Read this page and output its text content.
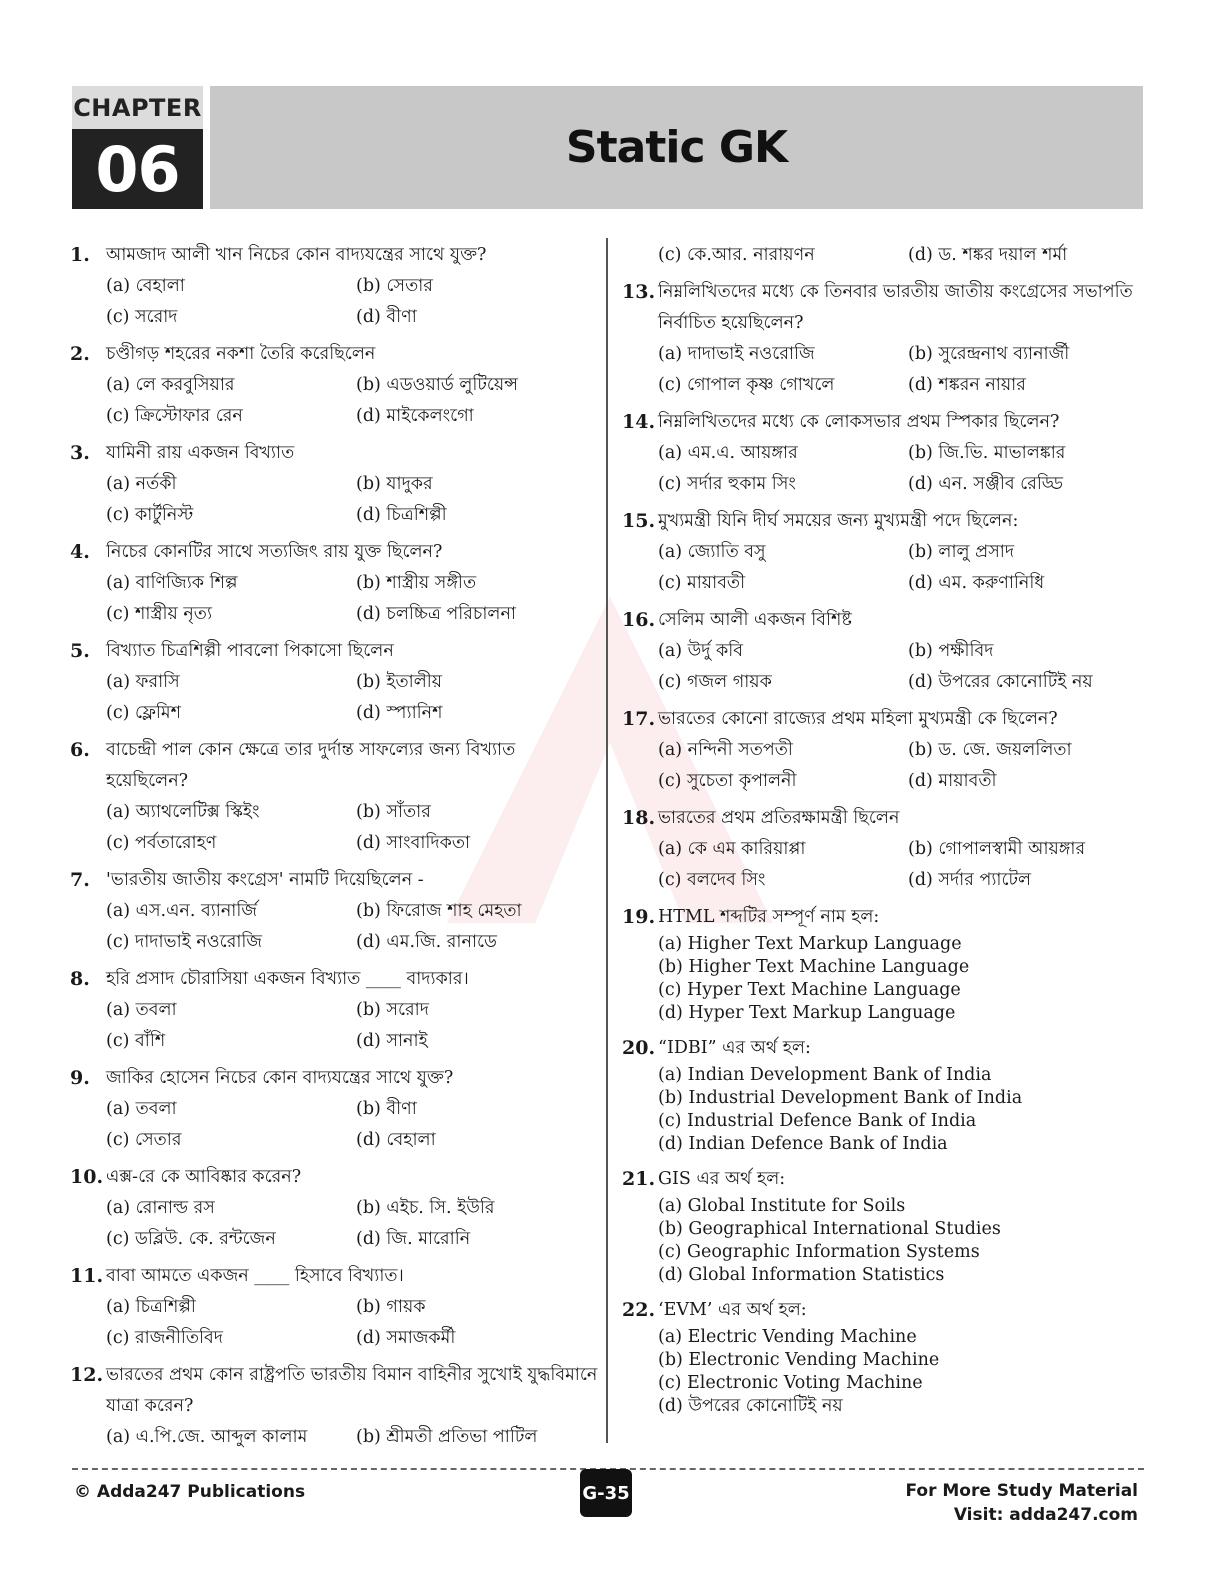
CHAPTER
06	Static GK
1. আমজাদ আলী খান নিচের কোন বাদ্যযন্ত্রের সাথে যুক্ত?
(a) বেহালা	(b) সেতার
(c) সরোদ	(d) বীণা
2. চণ্ডীগড় শহরের নকশা তৈরি করেছিলেন
(a) লে করবুসিয়ার	(b) এডওয়ার্ড লুটিয়েন্স
(c) ক্রিস্টোফার রেন	(d) মাইকেলংগো
3. যামিনী রায় একজন বিখ্যাত
(a) নর্তকী	(b) যাদুকর
(c) কার্টুনিস্ট	(d) চিত্রশিল্পী
4. নিচের কোনটির সাথে সত্যজিৎ রায় যুক্ত ছিলেন?
(a) বাণিজ্যিক শিল্প	(b) শাস্ত্রীয় সঙ্গীত
(c) শাস্ত্রীয় নৃত্য	(d) চলচ্চিত্র পরিচালনা
5. বিখ্যাত চিত্রশিল্পী পাবলো পিকাসো ছিলেন
(a) ফরাসি	(b) ইতালীয়
(c) ফ্লেমিশ	(d) স্প্যানিশ
6. বাচেন্দ্রী পাল কোন ক্ষেত্রে তার দুর্দান্ত সাফল্যের জন্য বিখ্যাত হয়েছিলেন?
(a) অ্যাথলেটিক্স স্কিইং	(b) সাঁতার
(c) পর্বতারোহণ	(d) সাংবাদিকতা
7. 'ভারতীয় জাতীয় কংগ্রেস' নামটি দিয়েছিলেন -
(a) এস.এন. ব্যানার্জি	(b) ফিরোজ শাহ মেহতা
(c) দাদাভাই নওরোজি	(d) এম.জি. রানাডে
8. হরি প্রসাদ চৌরাসিয়া একজন বিখ্যাত ____ বাদ্যকার।
(a) তবলা	(b) সরোদ
(c) বাঁশি	(d) সানাই
9. জাকির হোসেন নিচের কোন বাদ্যযন্ত্রের সাথে যুক্ত?
(a) তবলা	(b) বীণা
(c) সেতার	(d) বেহালা
10. এক্স-রে কে আবিষ্কার করেন?
(a) রোনাল্ড রস	(b) এইচ. সি. ইউরি
(c) ডব্লিউ. কে. রন্টজেন	(d) জি. মারোনি
11. বাবা আমতে একজন ____ হিসাবে বিখ্যাত।
(a) চিত্রশিল্পী	(b) গায়ক
(c) রাজনীতিবিদ	(d) সমাজকর্মী
12. ভারতের প্রথম কোন রাষ্ট্রপতি ভারতীয় বিমান বাহিনীর সুখোই যুদ্ধবিমানে যাত্রা করেন?
(a) এ.পি.জে. আব্দুল কালাম	(b) শ্রীমতী প্রতিভা পাটিল
(c) কে.আর. নারায়ণন	(d) ড. শঙ্কর দয়াল শর্মা
13. নিম্নলিখিতদের মধ্যে কে তিনবার ভারতীয় জাতীয় কংগ্রেসের সভাপতি নির্বাচিত হয়েছিলেন?
(a) দাদাভাই নওরোজি	(b) সুরেন্দ্রনাথ ব্যানার্জী
(c) গোপাল কৃষ্ণ গোখলে	(d) শঙ্করন নায়ার
14. নিম্নলিখিতদের মধ্যে কে লোকসভার প্রথম স্পিকার ছিলেন?
(a) এম.এ. আয়ঙ্গার	(b) জি.ভি. মাভালঙ্কার
(c) সর্দার হুকাম সিং	(d) এন. সঞ্জীব রেড্ডি
15. মুখ্যমন্ত্রী যিনি দীর্ঘ সময়ের জন্য মুখ্যমন্ত্রী পদে ছিলেন:
(a) জ্যোতি বসু	(b) লালু প্রসাদ
(c) মায়াবতী	(d) এম. করুণানিধি
16. সেলিম আলী একজন বিশিষ্ট
(a) উর্দু কবি	(b) পক্ষীবিদ
(c) গজল গায়ক	(d) উপরের কোনোটিই নয়
17. ভারতের কোনো রাজ্যের প্রথম মহিলা মুখ্যমন্ত্রী কে ছিলেন?
(a) নন্দিনী সতপতী	(b) ড. জে. জয়ললিতা
(c) সুচেতা কৃপালনী	(d) মায়াবতী
18. ভারতের প্রথম প্রতিরক্ষামন্ত্রী ছিলেন
(a) কে এম কারিয়াপ্পা	(b) গোপালস্বামী আয়ঙ্গার
(c) বলদেব সিং	(d) সর্দার প্যাটেল
19. HTML শব্দটির সম্পূর্ণ নাম হল:
(a) Higher Text Markup Language
(b) Higher Text Machine Language
(c) Hyper Text Machine Language
(d) Hyper Text Markup Language
20. “IDBI” এর অর্থ হল:
(a) Indian Development Bank of India
(b) Industrial Development Bank of India
(c) Industrial Defence Bank of India
(d) Indian Defence Bank of India
21. GIS এর অর্থ হল:
(a) Global Institute for Soils
(b) Geographical International Studies
(c) Geographic Information Systems
(d) Global Information Statistics
22. ‘EVM’ এর অর্থ হল:
(a) Electric Vending Machine
(b) Electronic Vending Machine
(c) Electronic Voting Machine
(d) উপরের কোনোটিই নয়
© Adda247 Publications	G-35	For More Study Material
Visit: adda247.com
